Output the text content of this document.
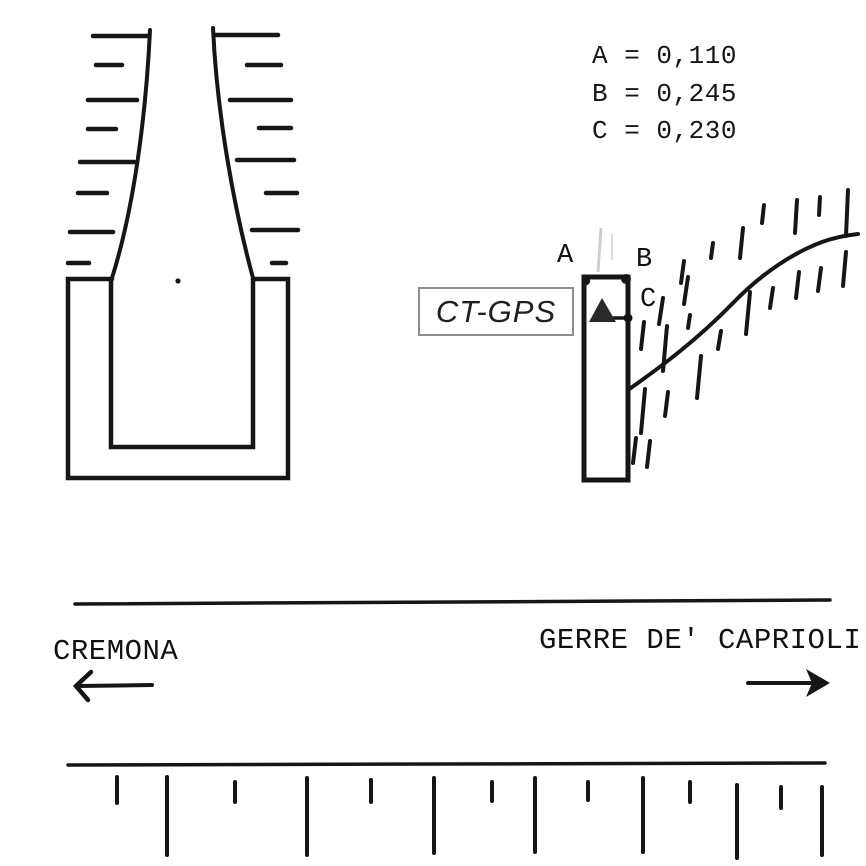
A = 0,110
B = 0,245
C = 0,230
A B
C
CT-GPS
CREMONA	GERRE DE' CAPRIOLI
